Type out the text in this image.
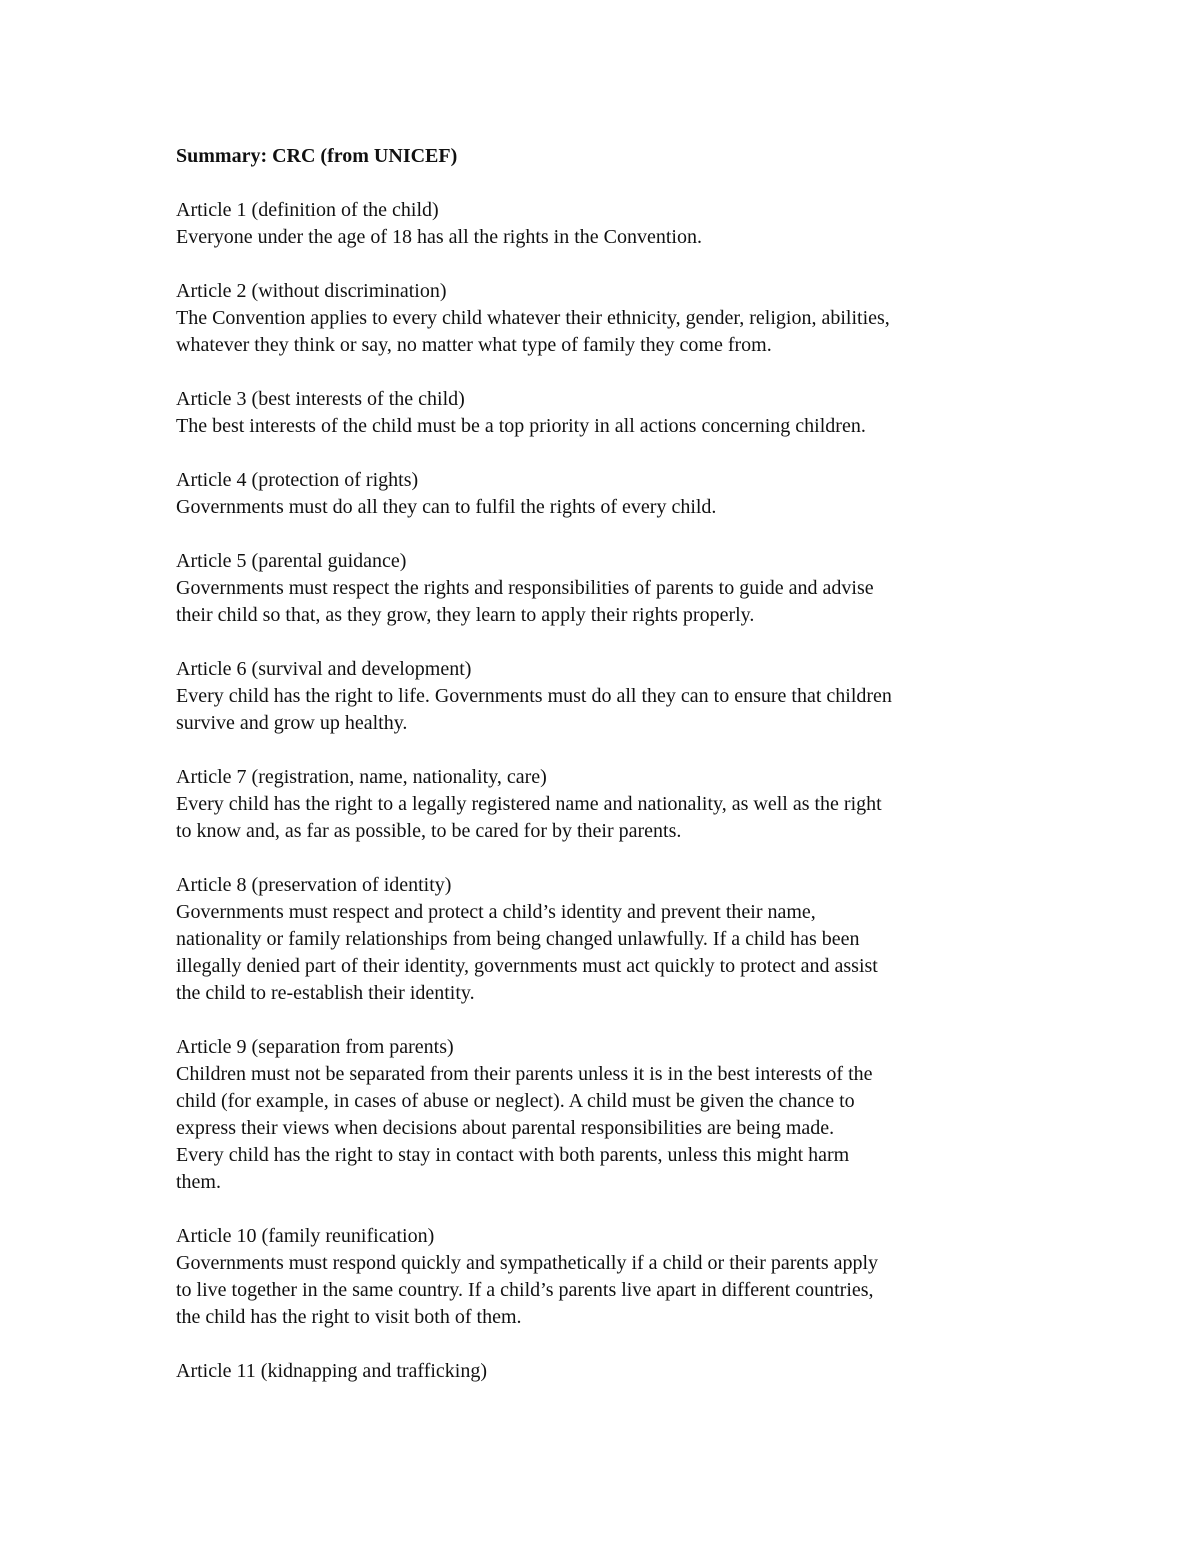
Summary: CRC (from UNICEF)
Article 1 (definition of the child)
Everyone under the age of 18 has all the rights in the Convention.
Article 2 (without discrimination)
The Convention applies to every child whatever their ethnicity, gender, religion, abilities,
whatever they think or say, no matter what type of family they come from.
Article 3 (best interests of the child)
The best interests of the child must be a top priority in all actions concerning children.
Article 4 (protection of rights)
Governments must do all they can to fulfil the rights of every child.
Article 5 (parental guidance)
Governments must respect the rights and responsibilities of parents to guide and advise
their child so that, as they grow, they learn to apply their rights properly.
Article 6 (survival and development)
Every child has the right to life. Governments must do all they can to ensure that children
survive and grow up healthy.
Article 7 (registration, name, nationality, care)
Every child has the right to a legally registered name and nationality, as well as the right
to know and, as far as possible, to be cared for by their parents.
Article 8 (preservation of identity)
Governments must respect and protect a child’s identity and prevent their name,
nationality or family relationships from being changed unlawfully. If a child has been
illegally denied part of their identity, governments must act quickly to protect and assist
the child to re-establish their identity.
Article 9 (separation from parents)
Children must not be separated from their parents unless it is in the best interests of the
child (for example, in cases of abuse or neglect). A child must be given the chance to
express their views when decisions about parental responsibilities are being made.
Every child has the right to stay in contact with both parents, unless this might harm
them.
Article 10 (family reunification)
Governments must respond quickly and sympathetically if a child or their parents apply
to live together in the same country. If a child’s parents live apart in different countries,
the child has the right to visit both of them.
Article 11 (kidnapping and trafficking)
